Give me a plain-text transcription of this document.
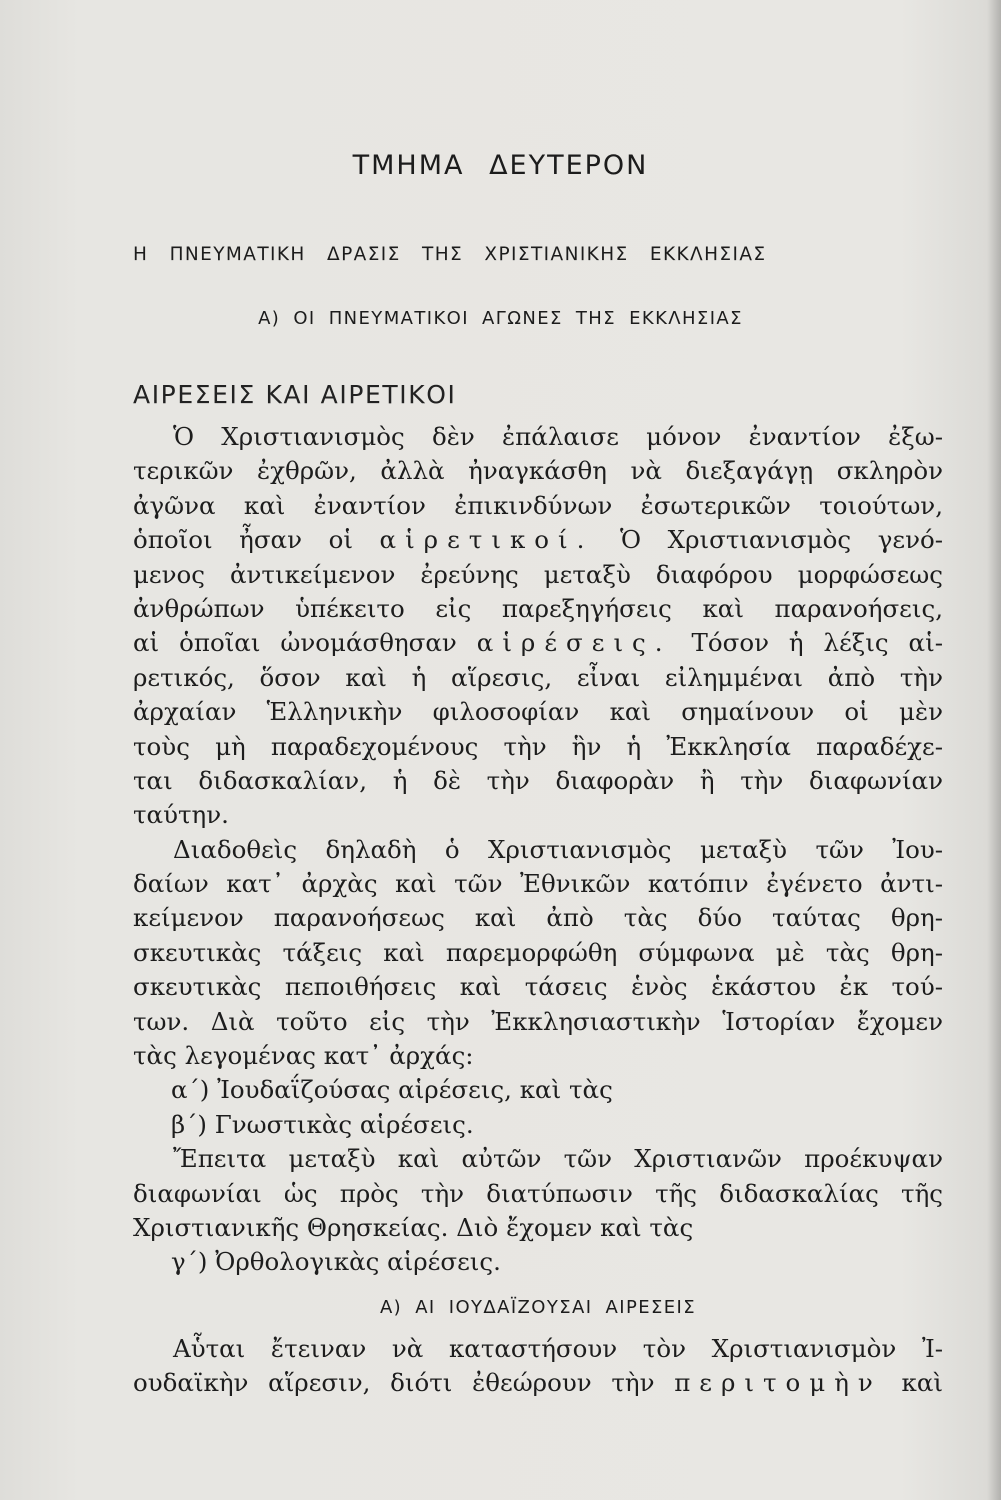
ΤΜΗΜΑ ΔΕΥΤΕΡΟΝ
Η ΠΝΕΥΜΑΤΙΚΗ ΔΡΑΣΙΣ ΤΗΣ ΧΡΙΣΤΙΑΝΙΚΗΣ ΕΚΚΛΗΣΙΑΣ
Α) ΟΙ ΠΝΕΥΜΑΤΙΚΟΙ ΑΓΩΝΕΣ ΤΗΣ ΕΚΚΛΗΣΙΑΣ
ΑΙΡΕΣΕΙΣ ΚΑΙ ΑΙΡΕΤΙΚΟΙ
Ὁ Χριστιανισμὸς δὲν ἐπάλαισε μόνον ἐναντίον ἐξω-
τερικῶν ἐχθρῶν, ἀλλὰ ἠναγκάσθη νὰ διεξαγάγῃ σκληρὸν
ἀγῶνα καὶ ἐναντίον ἐπικινδύνων ἐσωτερικῶν τοιούτων,
ὁποῖοι ἦσαν οἱ αἱρετικοί. Ὁ Χριστιανισμὸς γενό-
μενος ἀντικείμενον ἐρεύνης μεταξὺ διαφόρου μορφώσεως
ἀνθρώπων ὑπέκειτο εἰς παρεξηγήσεις καὶ παρανοήσεις,
αἱ ὁποῖαι ὠνομάσθησαν αἱρέσεις. Τόσον ἡ λέξις αἱ-
ρετικός, ὅσον καὶ ἡ αἵρεσις, εἶναι εἰλημμέναι ἀπὸ τὴν
ἀρχαίαν Ἑλληνικὴν φιλοσοφίαν καὶ σημαίνουν οἱ μὲν
τοὺς μὴ παραδεχομένους τὴν ἣν ἡ Ἐκκλησία παραδέχε-
ται διδασκαλίαν, ἡ δὲ τὴν διαφορὰν ἢ τὴν διαφωνίαν
ταύτην.
Διαδοθεὶς δηλαδὴ ὁ Χριστιανισμὸς μεταξὺ τῶν Ἰου-
δαίων κατ᾿ ἀρχὰς καὶ τῶν Ἐθνικῶν κατόπιν ἐγένετο ἀντι-
κείμενον παρανοήσεως καὶ ἀπὸ τὰς δύο ταύτας θρη-
σκευτικὰς τάξεις καὶ παρεμορφώθη σύμφωνα μὲ τὰς θρη-
σκευτικὰς πεποιθήσεις καὶ τάσεις ἑνὸς ἑκάστου ἐκ τού-
των. Διὰ τοῦτο εἰς τὴν Ἐκκλησιαστικὴν Ἱστορίαν ἔχομεν
τὰς λεγομένας κατ᾿ ἀρχάς:
α´) Ἰουδαΐζούσας αἱρέσεις, καὶ τὰς
β´) Γνωστικὰς αἱρέσεις.
Ἔπειτα μεταξὺ καὶ αὐτῶν τῶν Χριστιανῶν προέκυψαν
διαφωνίαι ὡς πρὸς τὴν διατύπωσιν τῆς διδασκαλίας τῆς
Χριστιανικῆς Θρησκείας. Διὸ ἔχομεν καὶ τὰς
γ´) Ὀρθολογικὰς αἱρέσεις.
Α) ΑΙ ΙΟΥΔΑΪΖΟΥΣΑΙ ΑΙΡΕΣΕΙΣ
Αὗται ἔτειναν νὰ καταστήσουν τὸν Χριστιανισμὸν Ἰ-
ουδαϊκὴν αἵρεσιν, διότι ἐθεώρουν τὴν περιτομὴν καὶ
